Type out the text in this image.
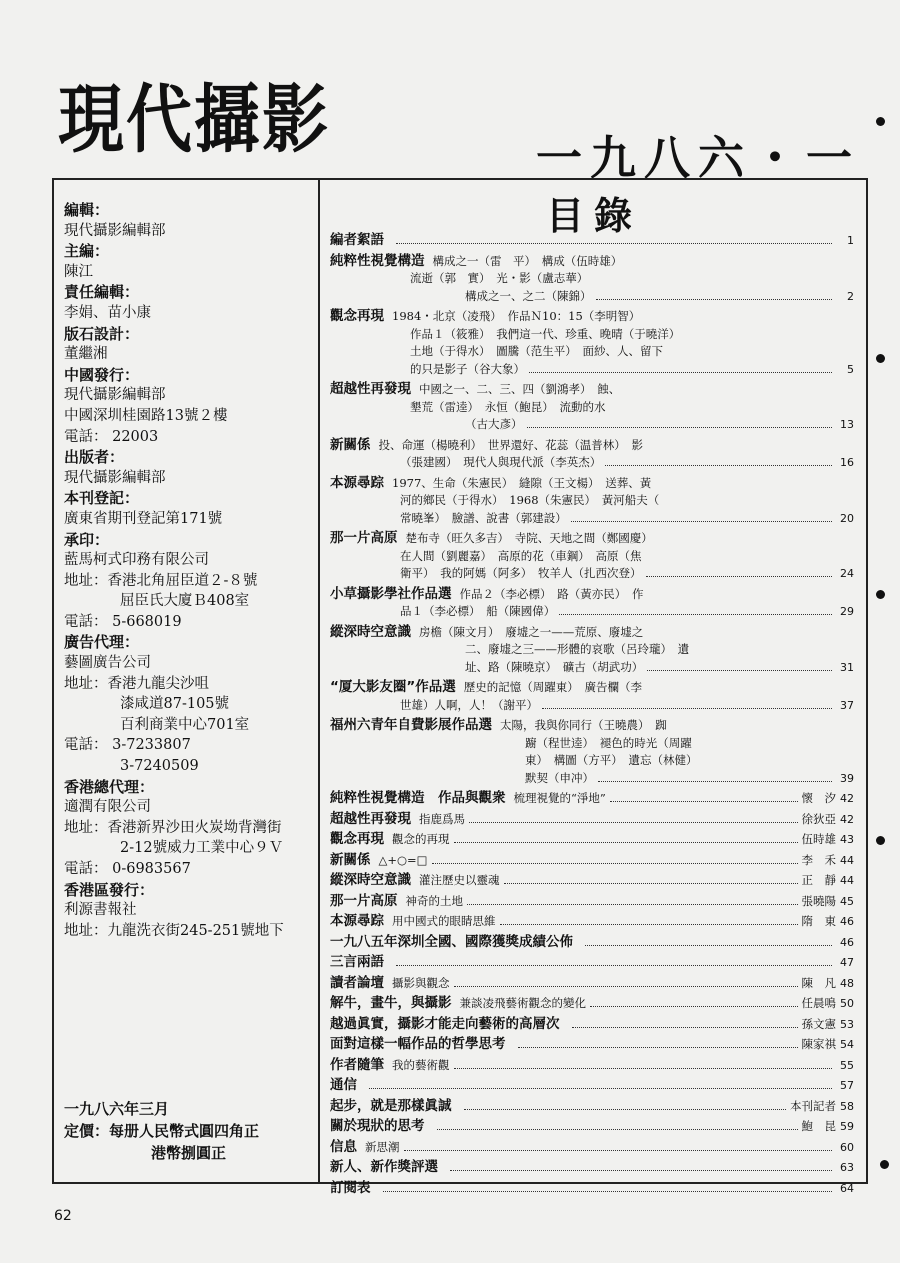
現代攝影	一九八六・一
編輯：
現代攝影編輯部
主編：
陳江
責任編輯：
李娟、苗小康
版石設計：
董繼湘
中國發行：
現代攝影編輯部
中國深圳桂園路13號２樓
電話： 22003
出版者：
現代攝影編輯部
本刊登記：
廣東省期刊登記第171號
承印：
藍馬柯式印務有限公司
地址：香港北角屈臣道２-８號
屈臣氏大廈Ｂ408室
電話： 5-668019
廣告代理：
藝圖廣告公司
地址：香港九龍尖沙咀
漆咸道87-105號
百利商業中心701室
電話： 3-7233807
3-7240509
香港總代理：
適潤有限公司
地址：香港新界沙田火炭坳背灣街
2-12號威力工業中心９Ｖ
電話： 0-6983567
香港區發行：
利源書報社
地址：九龍洗衣街245-251號地下
一九八六年三月
定價：每册人民幣式圓四角正
港幣捌圓正
目錄
編者絮語	1
純粹性視覺構造 構成之一（雷　平）　構成（伍時雄）
流逝（郭　實）　光・影（盧志華）
構成之一、之二（陳錦）	2
觀念再現 1984・北京（凌飛）　作品Ｎ10：15（李明智）
作品１（筱雅）　我們這一代、珍重、晚晴（于曉洋）
土地（于得水）　圖騰（范生平）　面紗、人、留下
的只是影子（谷大象）	5
超越性再發現 中國之一、二、三、四（劉鴻孝）　蝕、
墾荒（雷逵）　永恒（鮑昆）　流動的水
（古大彥）	13
新關係 投、命運（楊曉利）　世界還好、花蕊（温普林）　影
（張建國）　現代人與現代派（李英杰）	16
本源尋踪 1977、生命（朱憲民）　縫隙（王文楊）　送葬、黃
河的鄉民（于得水）　1968（朱憲民）　黃河船夫（
常曉峯）　臉譜、說書（郭建設）	20
那一片高原 楚布寺（旺久多吉）　寺院、天地之間（鄭國慶）
在人間（劉麗嘉）　高原的花（車鋼）　高原（焦
衛平）　我的阿媽（阿多）　牧羊人（扎西次登）	24
小草攝影學社作品選 作品２（李必標）　路（黃亦民）　作
品１（李必標）　船（陳國偉）	29
縱深時空意識 房檐（陳文月）　廢墟之一——荒原、廢墟之
二、廢墟之三——形體的哀歌（呂玲瓏）　遺
址、路（陳曉京）　礦古（胡武功）	31
“厦大影友圈”作品選 歷史的記憶（周躍東）　廣告欄（李
世雄）人啊，人！（謝平）	37
福州六青年自費影展作品選 太陽，我與你同行（王曉農）　踟
躕（程世逵）　褪色的時光（周躍
東）　構圖（方平）　遺忘（林健）
默契（申冲）	39
純粹性視覺構造　作品與觀衆 梳理視覺的“淨地”	懷　汐 42
超越性再發現 指鹿爲馬	徐狄亞 42
觀念再現 觀念的再現	伍時雄 43
新關係 △+○=□	李　禾 44
縱深時空意識 灌注歷史以靈魂	正　靜 44
那一片高原 神奇的土地	張曉陽 45
本源尋踪 用中國式的眼睛思維	隋　東 46
一九八五年深圳全國、國際獲獎成績公佈	46
三言兩語	47
讀者論壇 攝影與觀念	陳　凡 48
解牛，畫牛，與攝影 兼談凌飛藝術觀念的變化	任晨鳴 50
越過眞實，攝影才能走向藝術的高層次	孫文憲 53
面對這樣一幅作品的哲學思考	陳家祺 54
作者隨筆 我的藝術觀	55
通信	57
起步，就是那樣眞誠	本刊記者 58
關於現狀的思考	鮑　昆 59
信息 新思潮	60
新人、新作獎評選	63
訂閱表	64
62
